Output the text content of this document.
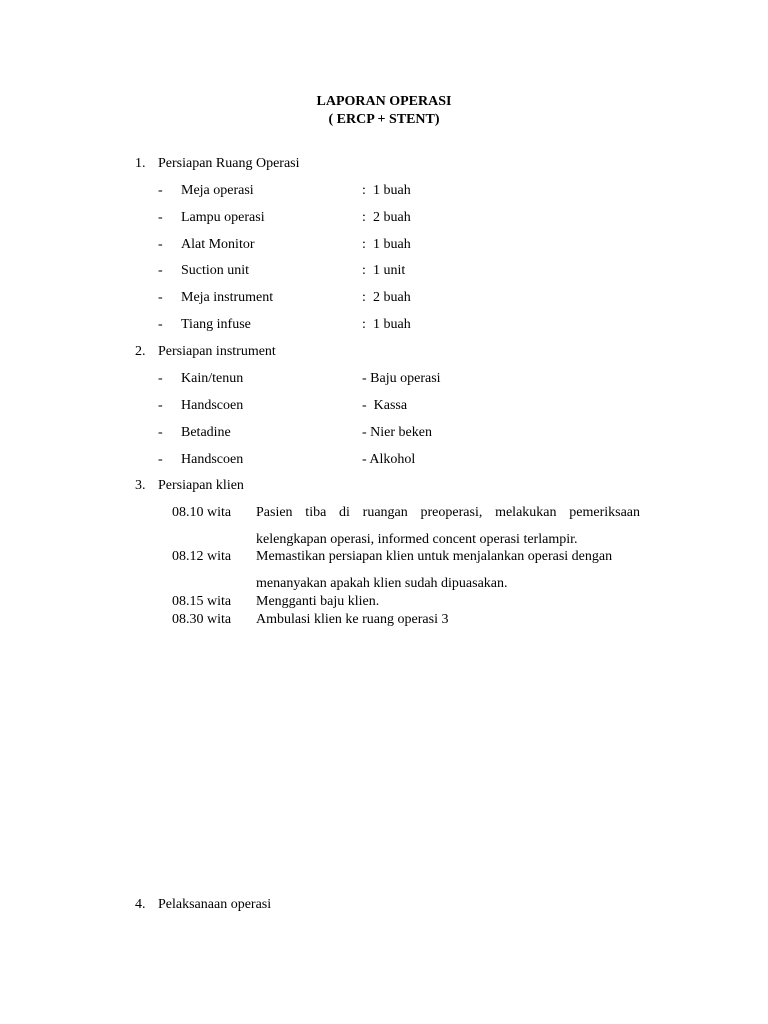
LAPORAN OPERASI
( ERCP + STENT)
1. Persiapan Ruang Operasi
- Meja operasi	: 1 buah
- Lampu operasi	: 2 buah
- Alat Monitor	: 1 buah
- Suction unit	: 1 unit
- Meja instrument	: 2 buah
- Tiang infuse	: 1 buah
2. Persiapan instrument
- Kain/tenun	- Baju operasi
- Handscoen	-  Kassa
- Betadine	- Nier beken
- Handscoen	- Alkohol
3. Persiapan klien
08.10 wita Pasien tiba di ruangan preoperasi, melakukan pemeriksaan
kelengkapan operasi, informed concent operasi terlampir.
08.12 wita Memastikan persiapan klien untuk menjalankan operasi dengan
menanyakan apakah klien sudah dipuasakan.
08.15 wita Mengganti baju klien.
08.30 wita Ambulasi klien ke ruang operasi 3
4. Pelaksanaan operasi
